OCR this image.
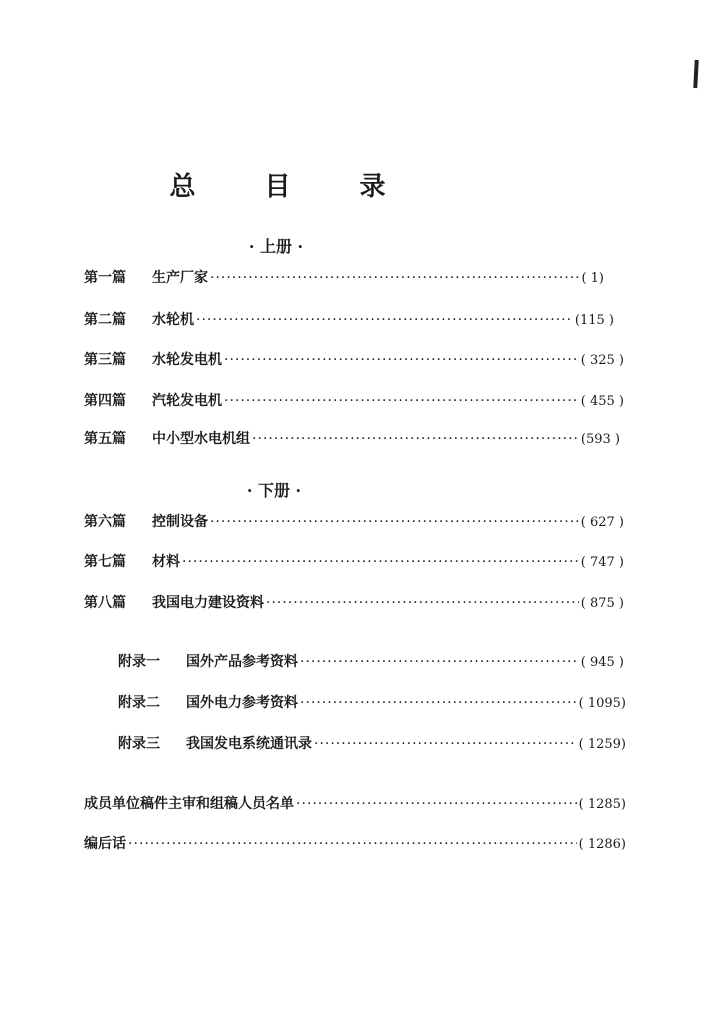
总 目 录
· 上册 ·
第一篇 生产厂家 ·····	( 1)
第二篇 水轮机 ·····	(115 )
第三篇 水轮发电机 ·····	( 325 )
第四篇 汽轮发电机 ·····	( 455 )
第五篇 中小型水电机组 ·····	(593 )
· 下册 ·
第六篇 控制设备 ·····	( 627 )
第七篇 材料 ·····	( 747 )
第八篇 我国电力建设资料 ·····	( 875 )
附录一 国外产品参考资料 ·····	( 945 )
附录二 国外电力参考资料 ·····	( 1095)
附录三 我国发电系统通讯录 ·····	( 1259)
成员单位稿件主审和组稿人员名单 ·····	( 1285)
编后话 ·····	( 1286)
